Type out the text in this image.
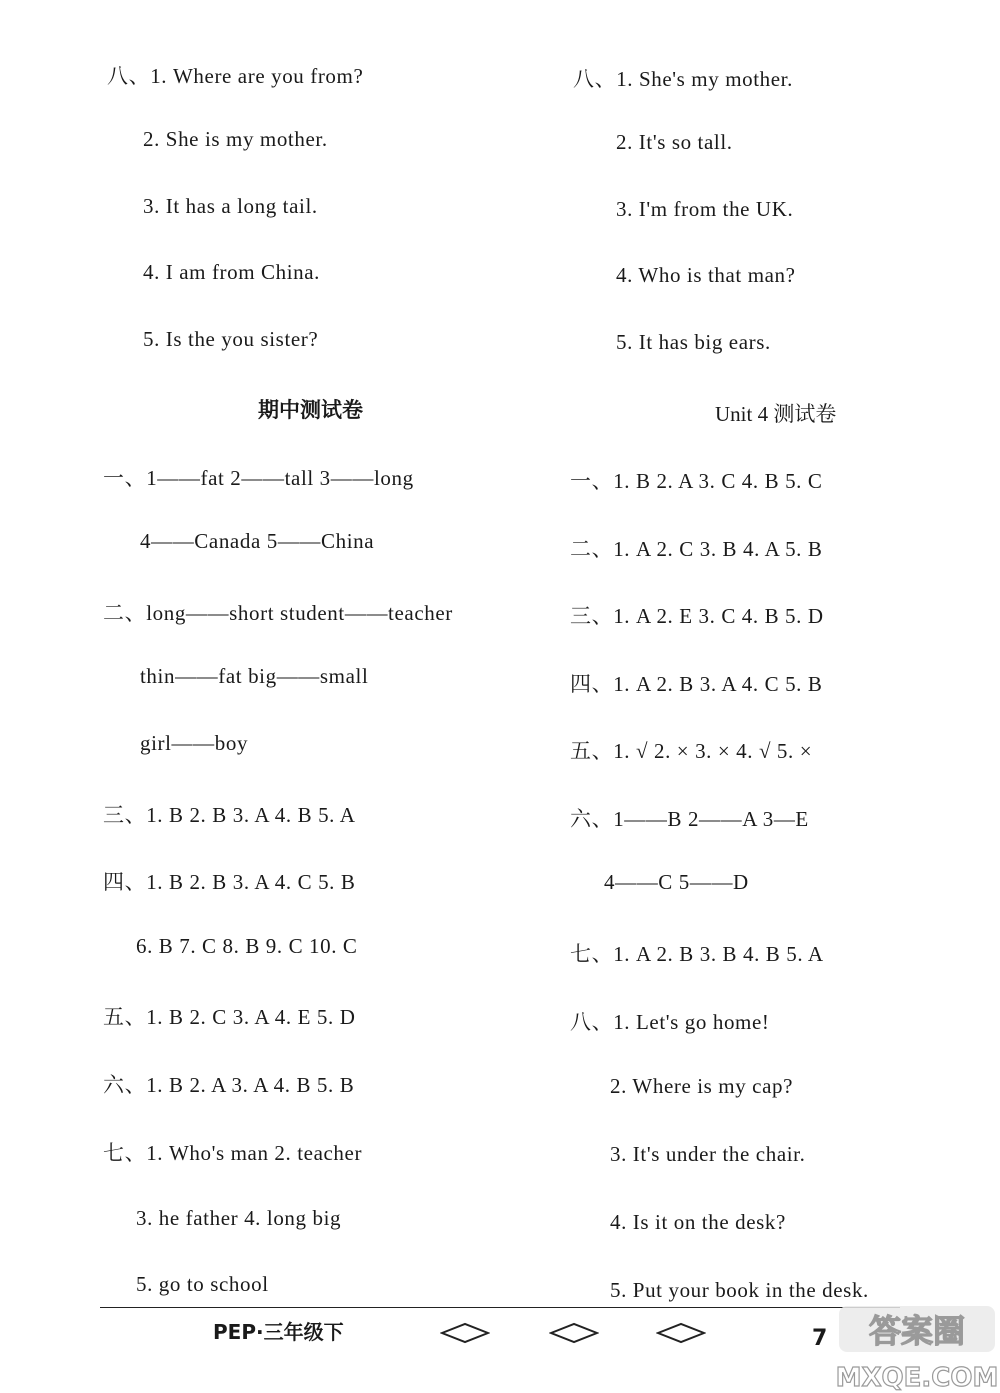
八、1. Where are you from?
2. She is my mother.
3. It has a long tail.
4. I am from China.
5. Is the you sister?
期中测试卷
一、1——fat 2——tall 3——long
4——Canada 5——China
二、long——short student——teacher
thin——fat big——small
girl——boy
三、1. B 2. B 3. A 4. B 5. A
四、1. B 2. B 3. A 4. C 5. B
6. B 7. C 8. B 9. C 10. C
五、1. B 2. C 3. A 4. E 5. D
六、1. B 2. A 3. A 4. B 5. B
七、1. Who's man 2. teacher
3. he father 4. long big
5. go to school
八、1. She's my mother.
2. It's so tall.
3. I'm from the UK.
4. Who is that man?
5. It has big ears.
Unit 4 测试卷
一、1. B 2. A 3. C 4. B 5. C
二、1. A 2. C 3. B 4. A 5. B
三、1. A 2. E 3. C 4. B 5. D
四、1. A 2. B 3. A 4. C 5. B
五、1. √ 2. × 3. × 4. √ 5. ×
六、1——B 2——A 3—E
4——C 5——D
七、1. A 2. B 3. B 4. B 5. A
八、1. Let's go home!
2. Where is my cap?
3. It's under the chair.
4. Is it on the desk?
5. Put your book in the desk.
PEP·三年级下	7 答案圈
MXQE.COM
